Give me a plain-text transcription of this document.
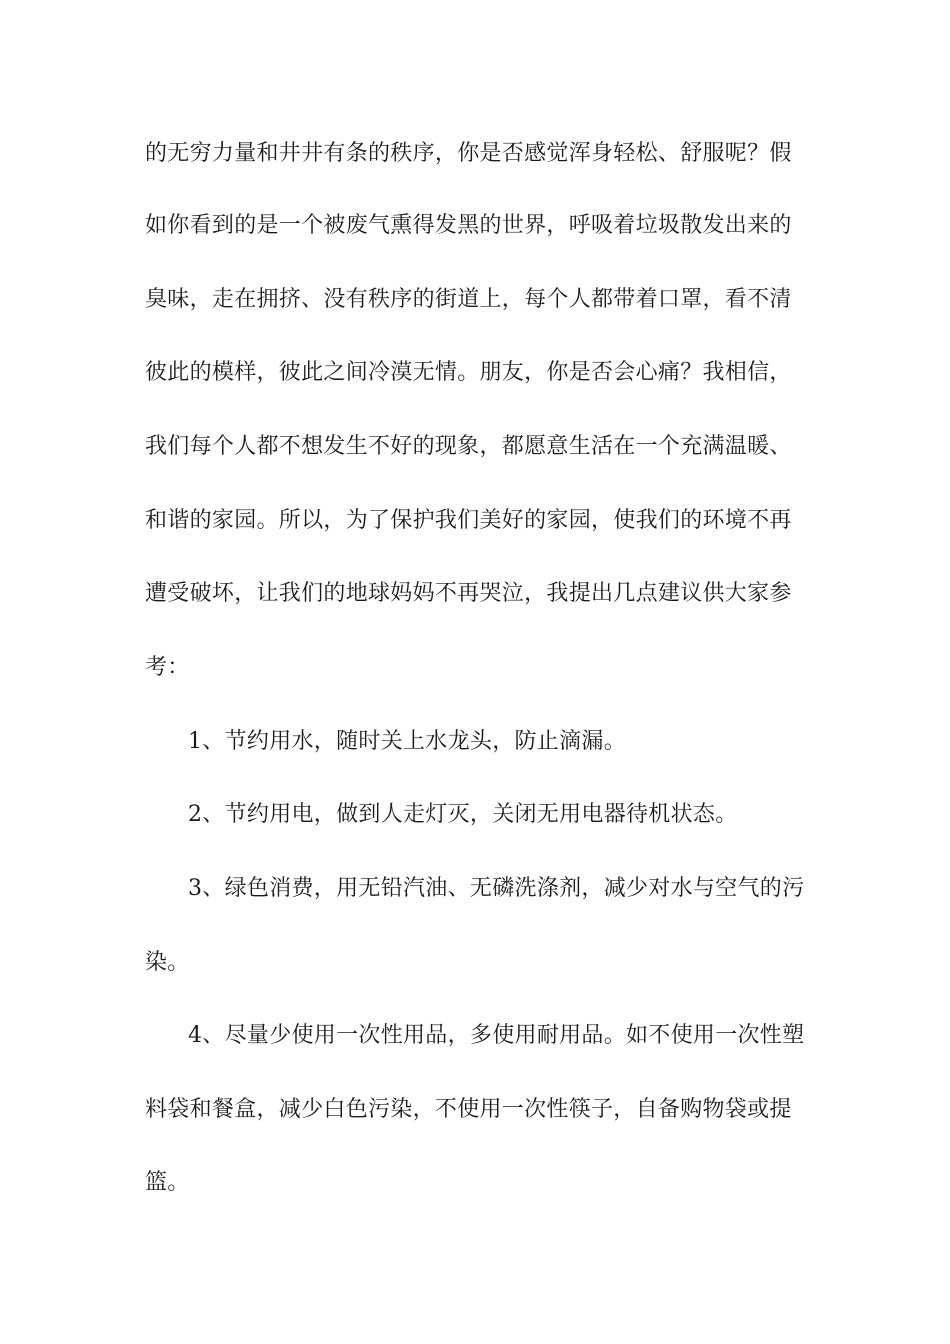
的无穷力量和井井有条的秩序，你是否感觉浑身轻松、舒服呢？假
如你看到的是一个被废气熏得发黑的世界，呼吸着垃圾散发出来的
臭味，走在拥挤、没有秩序的街道上，每个人都带着口罩，看不清
彼此的模样，彼此之间冷漠无情。朋友，你是否会心痛？我相信，
我们每个人都不想发生不好的现象，都愿意生活在一个充满温暖、
和谐的家园。所以，为了保护我们美好的家园，使我们的环境不再
遭受破坏，让我们的地球妈妈不再哭泣，我提出几点建议供大家参
考：
1、节约用水，随时关上水龙头，防止滴漏。
2、节约用电，做到人走灯灭，关闭无用电器待机状态。
3、绿色消费，用无铅汽油、无磷洗涤剂，减少对水与空气的污
染。
4、尽量少使用一次性用品，多使用耐用品。如不使用一次性塑
料袋和餐盒，减少白色污染，不使用一次性筷子，自备购物袋或提
篮。
